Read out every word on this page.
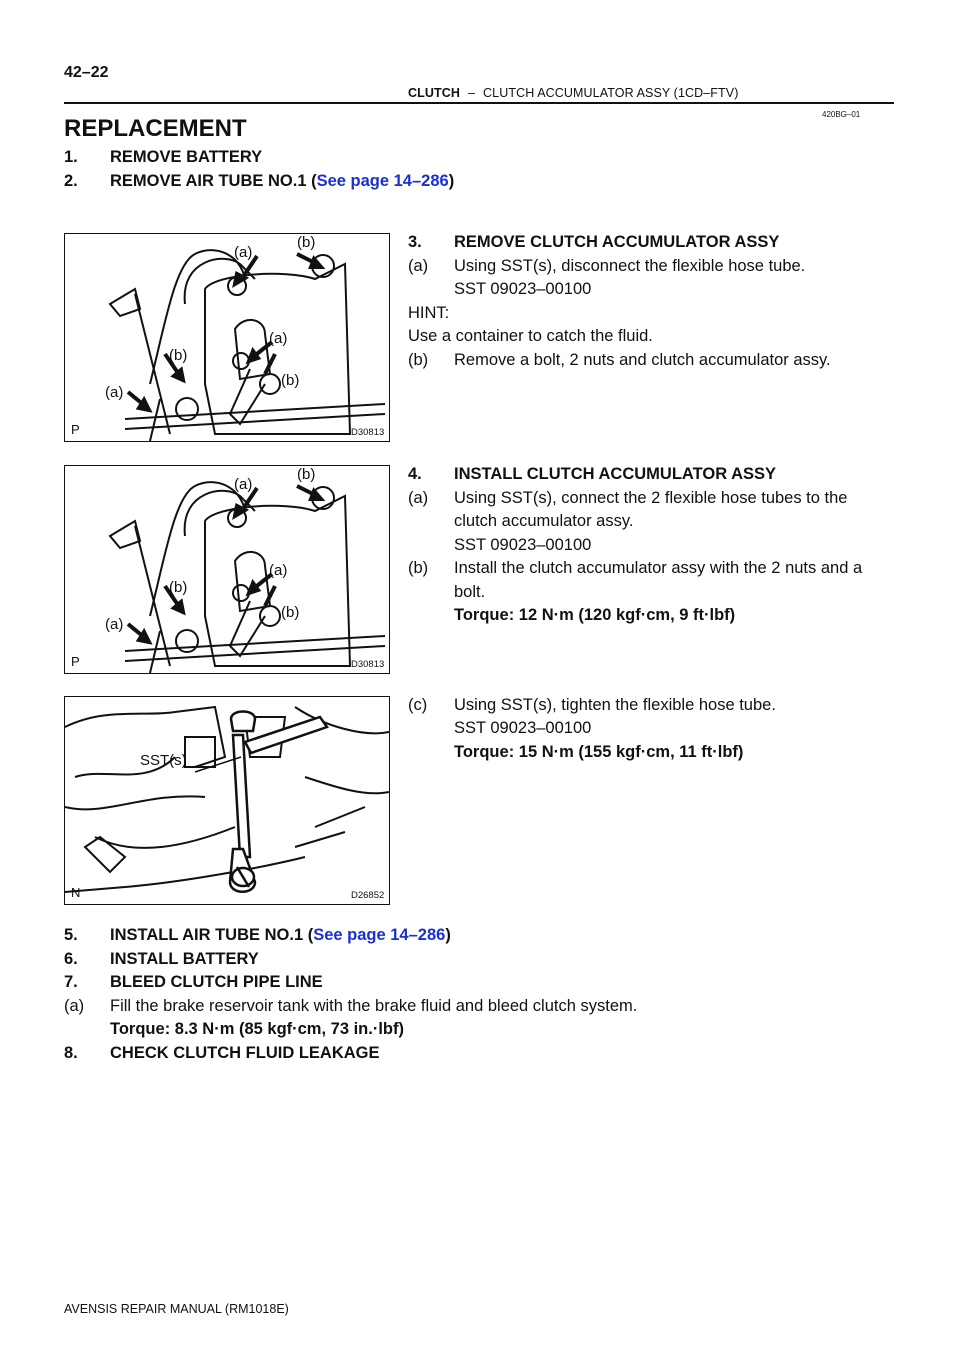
42–22
CLUTCH – CLUTCH ACCUMULATOR ASSY (1CD–FTV)
420BG–01
REPLACEMENT
1. REMOVE BATTERY
2. REMOVE AIR TUBE NO.1 (See page 14–286)
(a)
(b)
(a)
(b)
(b)
(a)
P	D30813
3. REMOVE CLUTCH ACCUMULATOR ASSY
(a) Using SST(s), disconnect the flexible hose tube.
SST 09023–00100
HINT:
Use a container to catch the fluid.
(b) Remove a bolt, 2 nuts and clutch accumulator assy.
(a)
(b)
(a)
(b)
(b)
(a)
P	D30813
4. INSTALL CLUTCH ACCUMULATOR ASSY
(a) Using SST(s), connect the 2 flexible hose tubes to the
clutch accumulator assy.
SST 09023–00100
(b) Install the clutch accumulator assy with the 2 nuts and a
bolt.
Torque: 12 N·m (120 kgf·cm, 9 ft·lbf)
SST(s)
N	D26852
(c) Using SST(s), tighten the flexible hose tube.
SST 09023–00100
Torque: 15 N·m (155 kgf·cm, 11 ft·lbf)
5. INSTALL AIR TUBE NO.1 (See page 14–286)
6. INSTALL BATTERY
7. BLEED CLUTCH PIPE LINE
(a) Fill the brake reservoir tank with the brake fluid and bleed clutch system.
Torque: 8.3 N·m (85 kgf·cm, 73 in.·lbf)
8. CHECK CLUTCH FLUID LEAKAGE
AVENSIS REPAIR MANUAL (RM1018E)
